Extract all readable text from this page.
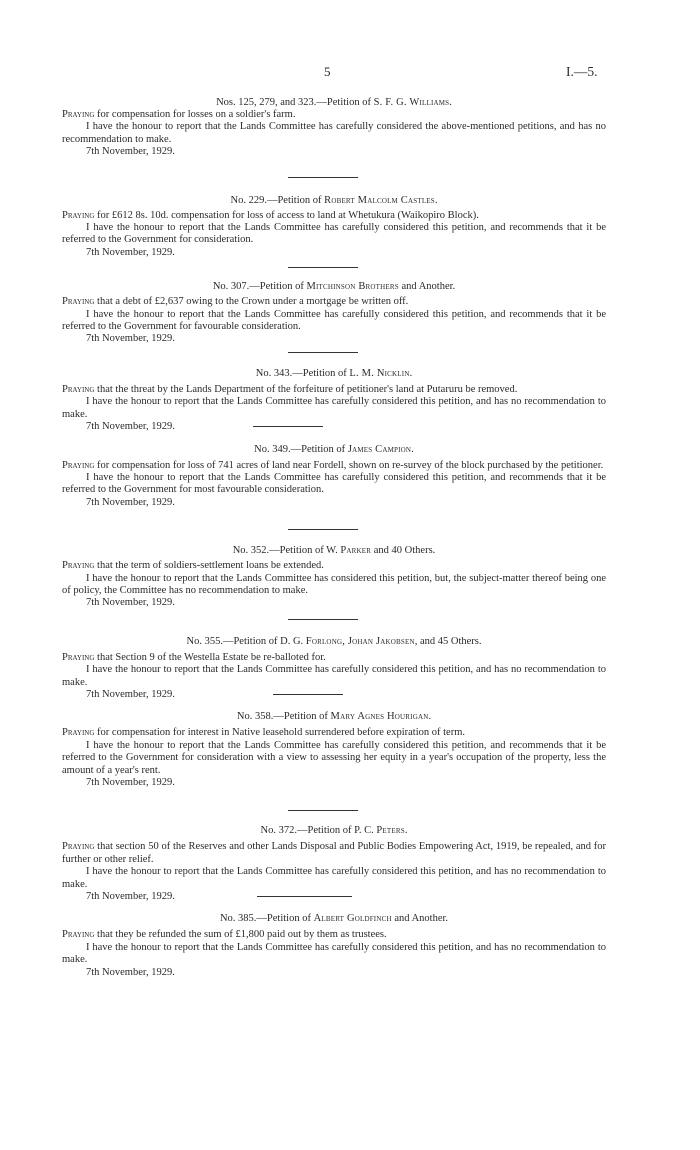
5	I.—5.
Nos. 125, 279, and 323.—Petition of S. F. G. Williams.

Praying for compensation for losses on a soldier's farm.

I have the honour to report that the Lands Committee has carefully considered the above-mentioned petitions, and has no recommendation to make.

7th November, 1929.
No. 229.—Petition of Robert Malcolm Castles.

Praying for £612 8s. 10d. compensation for loss of access to land at Whetukura (Waikopiro Block).

I have the honour to report that the Lands Committee has carefully considered this petition, and recommends that it be referred to the Government for consideration.

7th November, 1929.
No. 307.—Petition of Mitchinson Brothers and Another.

Praying that a debt of £2,637 owing to the Crown under a mortgage be written off.

I have the honour to report that the Lands Committee has carefully considered this petition, and recommends that it be referred to the Government for favourable consideration.

7th November, 1929.
No. 343.—Petition of L. M. Nicklin.

Praying that the threat by the Lands Department of the forfeiture of petitioner's land at Putaruru be removed.

I have the honour to report that the Lands Committee has carefully considered this petition, and has no recommendation to make.

7th November, 1929.
No. 349.—Petition of James Campion.

Praying for compensation for loss of 741 acres of land near Fordell, shown on re-survey of the block purchased by the petitioner.

I have the honour to report that the Lands Committee has carefully considered this petition, and recommends that it be referred to the Government for most favourable consideration.

7th November, 1929.
No. 352.—Petition of W. Parker and 40 Others.

Praying that the term of soldiers-settlement loans be extended.

I have the honour to report that the Lands Committee has considered this petition, but, the subject-matter thereof being one of policy, the Committee has no recommendation to make.

7th November, 1929.
No. 355.—Petition of D. G. Forlong, Johan Jakobsen, and 45 Others.

Praying that Section 9 of the Westella Estate be re-balloted for.

I have the honour to report that the Lands Committee has carefully considered this petition, and has no recommendation to make.

7th November, 1929.
No. 358.—Petition of Mary Agnes Hourigan.

Praying for compensation for interest in Native leasehold surrendered before expiration of term.

I have the honour to report that the Lands Committee has carefully considered this petition, and recommends that it be referred to the Government for consideration with a view to assessing her equity in a year's occupation of the property, less the amount of a year's rent.

7th November, 1929.
No. 372.—Petition of P. C. Peters.

Praying that section 50 of the Reserves and other Lands Disposal and Public Bodies Empowering Act, 1919, be repealed, and for further or other relief.

I have the honour to report that the Lands Committee has carefully considered this petition, and has no recommendation to make.

7th November, 1929.
No. 385.—Petition of Albert Goldfinch and Another.

Praying that they be refunded the sum of £1,800 paid out by them as trustees.

I have the honour to report that the Lands Committee has carefully considered this petition, and has no recommendation to make.

7th November, 1929.
